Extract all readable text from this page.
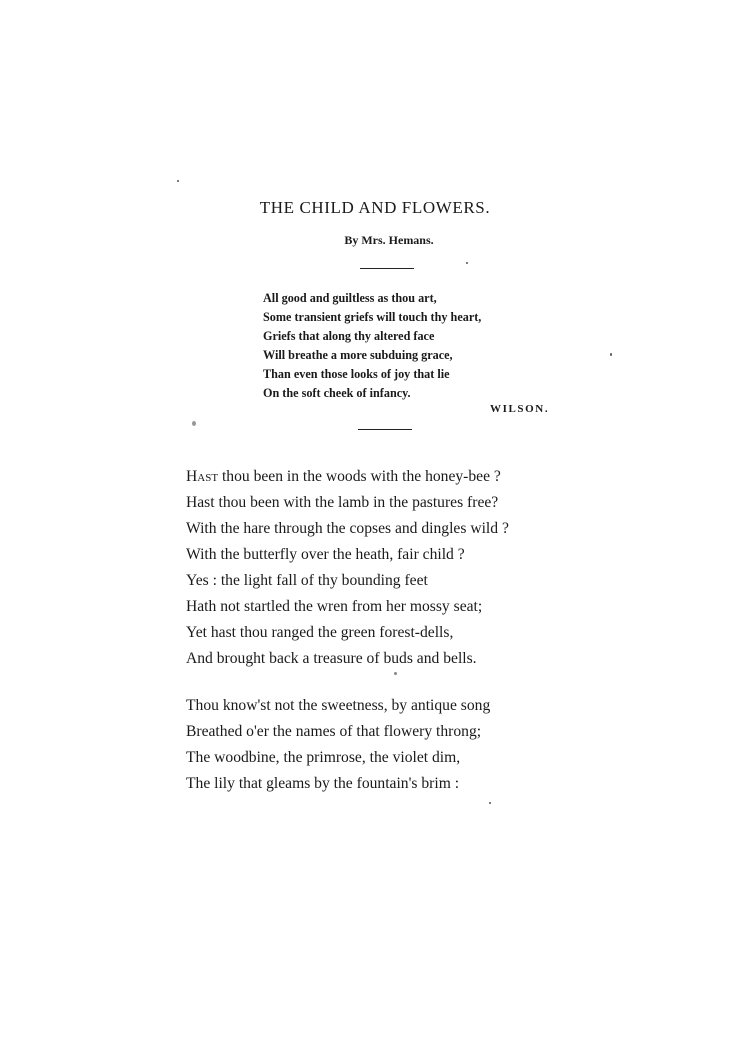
THE CHILD AND FLOWERS.
By Mrs. Hemans.
All good and guiltless as thou art,
Some transient griefs will touch thy heart,
Griefs that along thy altered face
Will breathe a more subduing grace,
Than even those looks of joy that lie
On the soft cheek of infancy.
WILSON.
Hast thou been in the woods with the honey-bee ?
Hast thou been with the lamb in the pastures free?
With the hare through the copses and dingles wild ?
With the butterfly over the heath, fair child ?
Yes : the light fall of thy bounding feet
Hath not startled the wren from her mossy seat;
Yet hast thou ranged the green forest-dells,
And brought back a treasure of buds and bells.
Thou know'st not the sweetness, by antique song
Breathed o'er the names of that flowery throng;
The woodbine, the primrose, the violet dim,
The lily that gleams by the fountain's brim :
